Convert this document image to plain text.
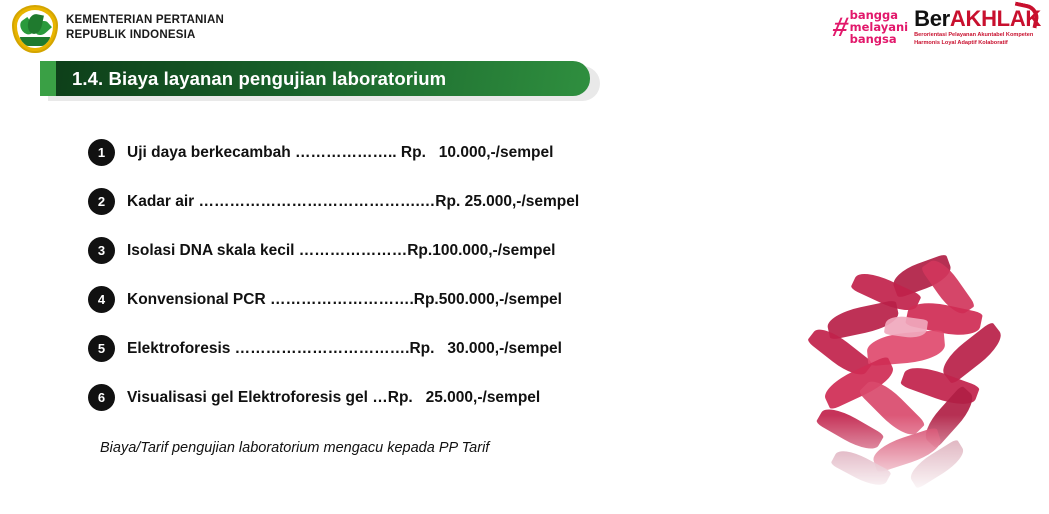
KEMENTERIAN PERTANIAN
REPUBLIK INDONESIA	#
bangga
melayani
bangsa
BerAKHLAK
Berorientasi Pelayanan Akuntabel Kompeten
Harmonis Loyal Adaptif Kolaboratif
1.4. Biaya layanan pengujian laboratorium
1	Uji daya berkecambah ……………….. Rp.   10.000,-/sempel
2	Kadar air …………………………………….…Rp. 25.000,-/sempel
3	Isolasi DNA skala kecil …………………Rp.100.000,-/sempel
4	Konvensional PCR ……………………….Rp.500.000,-/sempel
5	Elektroforesis …………………………….Rp.   30.000,-/sempel
6	Visualisasi gel Elektroforesis gel …Rp.   25.000,-/sempel
Biaya/Tarif pengujian laboratorium mengacu kepada PP Tarif
